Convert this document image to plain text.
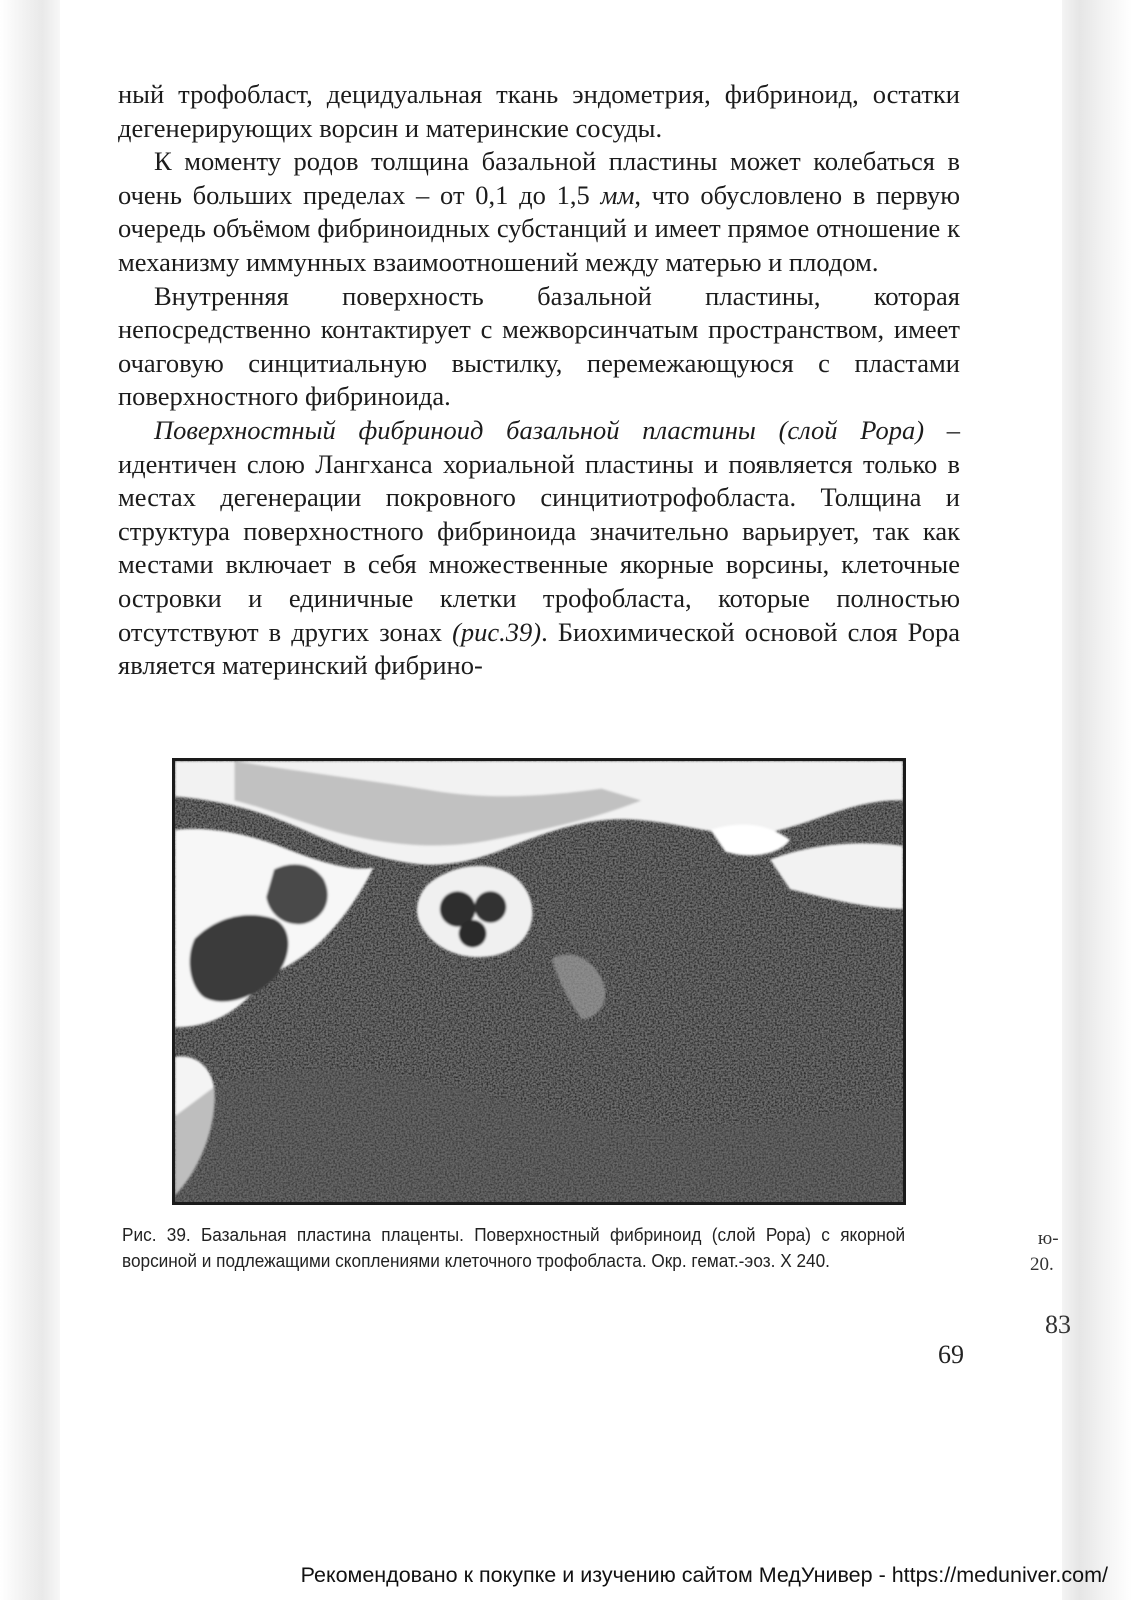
ный трофобласт, децидуальная ткань эндометрия, фибриноид, остатки дегенерирующих ворсин и материнские сосуды.

К моменту родов толщина базальной пластины может колебаться в очень больших пределах – от 0,1 до 1,5 мм, что обусловлено в первую очередь объёмом фибриноидных субстанций и имеет прямое отношение к механизму иммунных взаимоотношений между матерью и плодом.

Внутренняя поверхность базальной пластины, которая непосредственно контактирует с межворсинчатым пространством, имеет очаговую синцитиальную выстилку, перемежающуюся с пластами поверхностного фибриноида.

Поверхностный фибриноид базальной пластины (слой Рора) – идентичен слою Лангханса хориальной пластины и появляется только в местах дегенерации покровного синцитиотрофобласта. Толщина и структура поверхностного фибриноида значительно варьирует, так как местами включает в себя множественные якорные ворсины, клеточные островки и единичные клетки трофобласта, которые полностью отсутствуют в других зонах (рис.39). Биохимической основой слоя Рора является материнский фибрино-

Рис. 39. Базальная пластина плаценты. Поверхностный фибриноид (слой Рора) с якорной ворсиной и подлежащими скоплениями клеточного трофобласта. Окр. гемат.-эоз. Х 240.
ю-
20.
83
69
Рекомендовано к покупке и изучению сайтом МедУнивер - https://meduniver.com/
